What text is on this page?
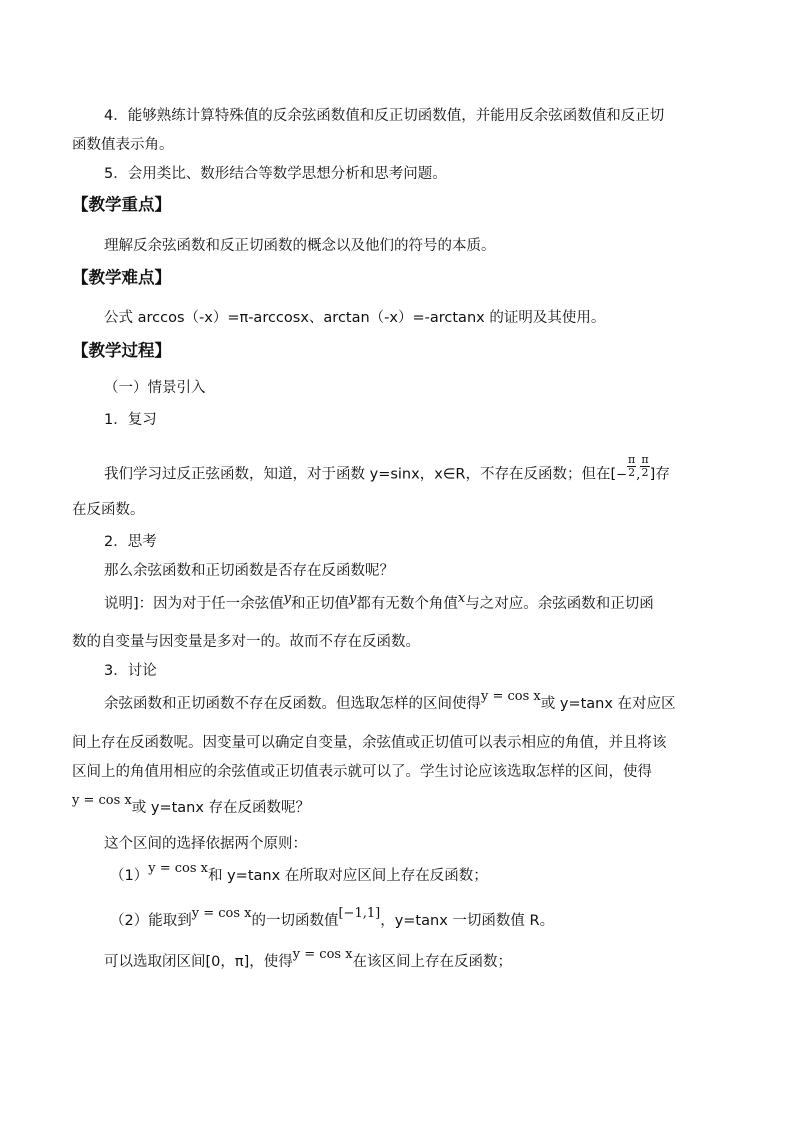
4．能够熟练计算特殊值的反余弦函数值和反正切函数值，并能用反余弦函数值和反正切
函数值表示角。
5．会用类比、数形结合等数学思想分析和思考问题。
【教学重点】
理解反余弦函数和反正切函数的概念以及他们的符号的本质。
【教学难点】
公式 arccos（-x）=π-arccosx、arctan（-x）=-arctanx 的证明及其使用。
【教学过程】
（一）情景引入
1．复习
我们学习过反正弦函数，知道，对于函数 y=sinx，x∈R，不存在反函数；但在[− $\frac{\pi}{2}$ , $\frac{\pi}{2}$ ]存
在反函数。
2．思考
那么余弦函数和正切函数是否存在反函数呢？
说明]：因为对于任一余弦值y和正切值y都有无数个角值x与之对应。余弦函数和正切函
数的自变量与因变量是多对一的。故而不存在反函数。
3．讨论
余弦函数和正切函数不存在反函数。但选取怎样的区间使得y = cos x或 y=tanx 在对应区
间上存在反函数呢。因变量可以确定自变量，余弦值或正切值可以表示相应的角值，并且将该
区间上的角值用相应的余弦值或正切值表示就可以了。学生讨论应该选取怎样的区间，使得
y = cos x或 y=tanx 存在反函数呢？
这个区间的选择依据两个原则：
（1）y = cos x和 y=tanx 在所取对应区间上存在反函数；
（2）能取到y = cos x的一切函数值[−1,1]，y=tanx 一切函数值 R。
可以选取闭区间[0，π]，使得y = cos x在该区间上存在反函数；
